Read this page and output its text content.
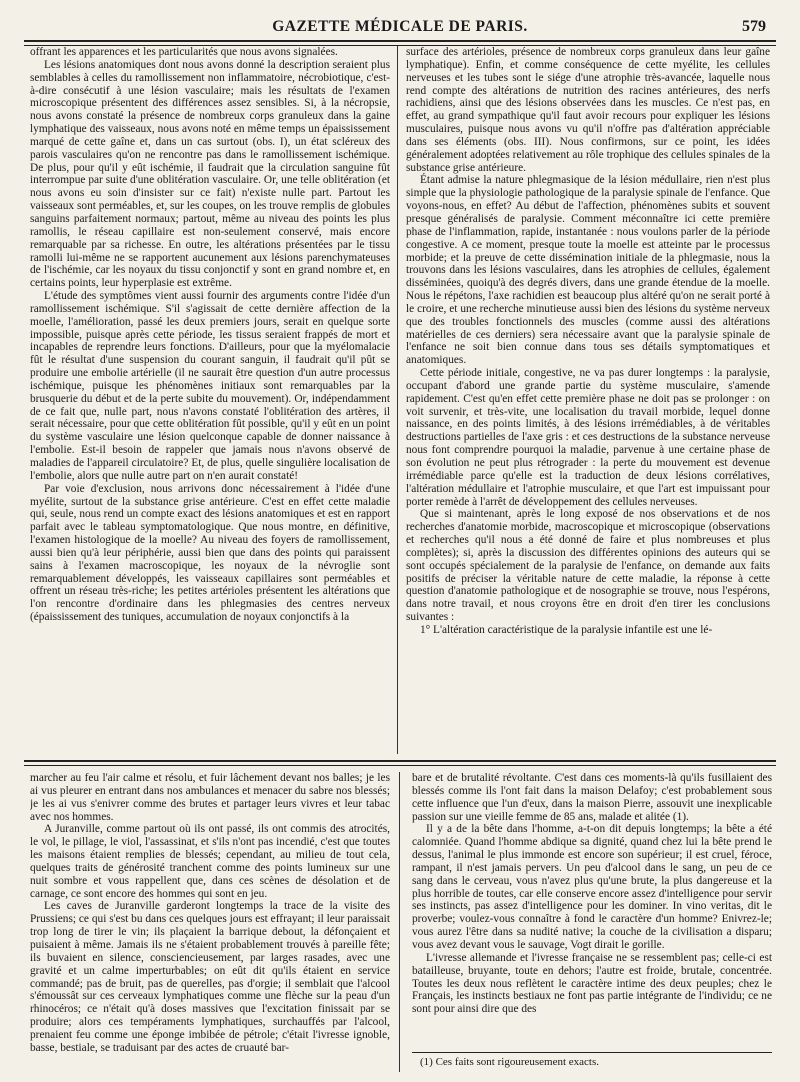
GAZETTE MÉDICALE DE PARIS.	579

offrant les apparences et les particularités que nous avons signalées.

Les lésions anatomiques dont nous avons donné la description seraient plus semblables à celles du ramollissement non inflammatoire, nécrobiotique, c'est-à-dire consécutif à une lésion vasculaire; mais les résultats de l'examen microscopique présentent des différences assez sensibles. Si, à la nécropsie, nous avons constaté la présence de nombreux corps granuleux dans la gaine lymphatique des vaisseaux, nous avons noté en même temps un épaississement marqué de cette gaîne et, dans un cas surtout (obs. I), un état scléreux des parois vasculaires qu'on ne rencontre pas dans le ramollissement ischémique. De plus, pour qu'il y eût ischémie, il faudrait que la circulation sanguine fût interrompue par suite d'une oblitération vasculaire. Or, une telle oblitération (et nous avons eu soin d'insister sur ce fait) n'existe nulle part. Partout les vaisseaux sont perméables, et, sur les coupes, on les trouve remplis de globules sanguins parfaitement normaux; partout, même au niveau des points les plus ramollis, le réseau capillaire est non-seulement conservé, mais encore remarquable par sa richesse. En outre, les altérations présentées par le tissu ramolli lui-même ne se rapportent aucunement aux lésions parenchymateuses de l'ischémie, car les noyaux du tissu conjonctif y sont en grand nombre et, en certains points, leur hyperplasie est extrême.

L'étude des symptômes vient aussi fournir des arguments contre l'idée d'un ramollissement ischémique. S'il s'agissait de cette dernière affection de la moelle, l'amélioration, passé les deux premiers jours, serait en quelque sorte impossible, puisque après cette période, les tissus seraient frappés de mort et incapables de reprendre leurs fonctions. D'ailleurs, pour que la myélomalacie fût le résultat d'une suspension du courant sanguin, il faudrait qu'il pût se produire une embolie artérielle (il ne saurait être question d'un autre processus ischémique, puisque les phénomènes initiaux sont remarquables par la brusquerie du début et de la perte subite du mouvement). Or, indépendamment de ce fait que, nulle part, nous n'avons constaté l'oblitération des artères, il serait nécessaire, pour que cette oblitération fût possible, qu'il y eût en un point du système vasculaire une lésion quelconque capable de donner naissance à l'embolie. Est-il besoin de rappeler que jamais nous n'avons observé de maladies de l'appareil circulatoire? Et, de plus, quelle singulière localisation de l'embolie, alors que nulle autre part on n'en aurait constaté!

Par voie d'exclusion, nous arrivons donc nécessairement à l'idée d'une myélite, surtout de la substance grise antérieure. C'est en effet cette maladie qui, seule, nous rend un compte exact des lésions anatomiques et est en rapport parfait avec le tableau symptomatologique. Que nous montre, en définitive, l'examen histologique de la moelle? Au niveau des foyers de ramollissement, aussi bien qu'à leur périphérie, aussi bien que dans des points qui paraissent sains à l'examen macroscopique, les noyaux de la névroglie sont remarquablement développés, les vaisseaux capillaires sont perméables et offrent un réseau très-riche; les petites artérioles présentent les altérations que l'on rencontre d'ordinaire dans les phlegmasies des centres nerveux (épaississement des tuniques, accumulation de noyaux conjonctifs à la

surface des artérioles, présence de nombreux corps granuleux dans leur gaîne lymphatique). Enfin, et comme conséquence de cette myélite, les cellules nerveuses et les tubes sont le siége d'une atrophie très-avancée, laquelle nous rend compte des altérations de nutrition des racines antérieures, des nerfs rachidiens, ainsi que des lésions observées dans les muscles. Ce n'est pas, en effet, au grand sympathique qu'il faut avoir recours pour expliquer les lésions musculaires, puisque nous avons vu qu'il n'offre pas d'altération appréciable dans ses éléments (obs. III). Nous confirmons, sur ce point, les idées généralement adoptées relativement au rôle trophique des cellules spinales de la substance grise antérieure.

Étant admise la nature phlegmasique de la lésion médullaire, rien n'est plus simple que la physiologie pathologique de la paralysie spinale de l'enfance. Que voyons-nous, en effet? Au début de l'affection, phénomènes subits et souvent presque généralisés de paralysie. Comment méconnaître ici cette première phase de l'inflammation, rapide, instantanée : nous voulons parler de la période congestive. A ce moment, presque toute la moelle est atteinte par le processus morbide; et la preuve de cette dissémination initiale de la phlegmasie, nous la trouvons dans les lésions vasculaires, dans les atrophies de cellules, également disséminées, quoiqu'à des degrés divers, dans une grande étendue de la moelle. Nous le répétons, l'axe rachidien est beaucoup plus altéré qu'on ne serait porté à le croire, et une recherche minutieuse aussi bien des lésions du système nerveux que des troubles fonctionnels des muscles (comme aussi des altérations matérielles de ces derniers) sera nécessaire avant que la paralysie spinale de l'enfance ne soit bien connue dans tous ses détails symptomatiques et anatomiques.

Cette période initiale, congestive, ne va pas durer longtemps : la paralysie, occupant d'abord une grande partie du système musculaire, s'amende rapidement. C'est qu'en effet cette première phase ne doit pas se prolonger : on voit survenir, et très-vite, une localisation du travail morbide, lequel donne naissance, en des points limités, à des lésions irrémédiables, à de véritables destructions partielles de l'axe gris : et ces destructions de la substance nerveuse nous font comprendre pourquoi la maladie, parvenue à une certaine phase de son évolution ne peut plus rétrograder : la perte du mouvement est devenue irrémédiable parce qu'elle est la traduction de deux lésions corrélatives, l'altération médullaire et l'atrophie musculaire, et que l'art est impuissant pour porter remède à l'arrêt de développement des cellules nerveuses.

Que si maintenant, après le long exposé de nos observations et de nos recherches d'anatomie morbide, macroscopique et microscopique (observations et recherches qu'il nous a été donné de faire et plus nombreuses et plus complètes); si, après la discussion des différentes opinions des auteurs qui se sont occupés spécialement de la paralysie de l'enfance, on demande aux faits positifs de préciser la véritable nature de cette maladie, la réponse à cette question d'anatomie pathologique et de nosographie se trouve, nous l'espérons, dans notre travail, et nous croyons être en droit d'en tirer les conclusions suivantes :

1° L'altération caractéristique de la paralysie infantile est une lé-

marcher au feu l'air calme et résolu, et fuir lâchement devant nos balles; je les ai vus pleurer en entrant dans nos ambulances et menacer du sabre nos blessés; je les ai vus s'enivrer comme des brutes et partager leurs vivres et leur tabac avec nos hommes.

A Juranville, comme partout où ils ont passé, ils ont commis des atrocités, le vol, le pillage, le viol, l'assassinat, et s'ils n'ont pas incendié, c'est que toutes les maisons étaient remplies de blessés; cependant, au milieu de tout cela, quelques traits de générosité tranchent comme des points lumineux sur une nuit sombre et vous rappellent que, dans ces scènes de désolation et de carnage, ce sont encore des hommes qui sont en jeu.

Les caves de Juranville garderont longtemps la trace de la visite des Prussiens; ce qui s'est bu dans ces quelques jours est effrayant; il leur paraissait trop long de tirer le vin; ils plaçaient la barrique debout, la défonçaient et puisaient à même. Jamais ils ne s'étaient probablement trouvés à pareille fête; ils buvaient en silence, consciencieusement, par larges rasades, avec une gravité et un calme imperturbables; on eût dit qu'ils étaient en service commandé; pas de bruit, pas de querelles, pas d'orgie; il semblait que l'alcool s'émoussât sur ces cerveaux lymphatiques comme une flèche sur la peau d'un rhinocéros; ce n'était qu'à doses massives que l'excitation finissait par se produire; alors ces tempéraments lymphatiques, surchauffés par l'alcool, prenaient feu comme une éponge imbibée de pétrole; c'était l'ivresse ignoble, basse, bestiale, se traduisant par des actes de cruauté bar-

bare et de brutalité révoltante. C'est dans ces moments-là qu'ils fusillaient des blessés comme ils l'ont fait dans la maison Delafoy; c'est probablement sous cette influence que l'un d'eux, dans la maison Pierre, assouvit une inexplicable passion sur une vieille femme de 85 ans, malade et alitée (1).

Il y a de la bête dans l'homme, a-t-on dit depuis longtemps; la bête a été calomniée. Quand l'homme abdique sa dignité, quand chez lui la bête prend le dessus, l'animal le plus immonde est encore son supérieur; il est cruel, féroce, rampant, il n'est jamais pervers. Un peu d'alcool dans le sang, un peu de ce sang dans le cerveau, vous n'avez plus qu'une brute, la plus dangereuse et la plus horrible de toutes, car elle conserve encore assez d'intelligence pour servir ses instincts, pas assez d'intelligence pour les dominer. In vino veritas, dit le proverbe; voulez-vous connaître à fond le caractère d'un homme? Enivrez-le; vous aurez l'être dans sa nudité native; la couche de la civilisation a disparu; vous avez devant vous le sauvage, Vogt dirait le gorille.

L'ivresse allemande et l'ivresse française ne se ressemblent pas; celle-ci est batailleuse, bruyante, toute en dehors; l'autre est froide, brutale, concentrée. Toutes les deux nous reflètent le caractère intime des deux peuples; chez le Français, les instincts bestiaux ne font pas partie intégrante de l'individu; ce ne sont pour ainsi dire que des

(1) Ces faits sont rigoureusement exacts.
